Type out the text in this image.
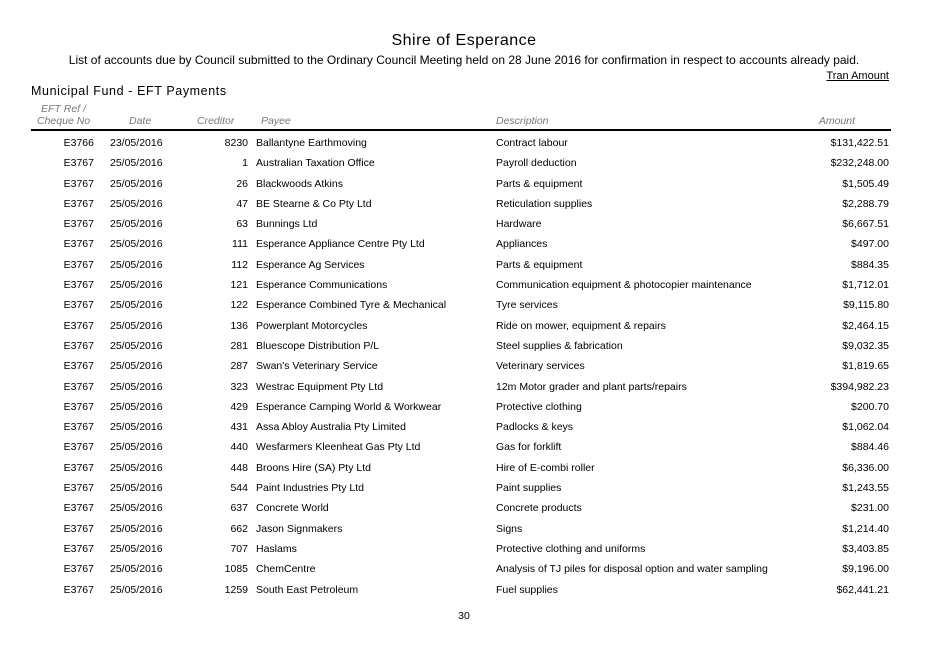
Shire of Esperance
List of accounts due by Council submitted to the Ordinary Council Meeting held on 28 June 2016 for confirmation in respect to accounts already paid.
Tran Amount
Municipal Fund - EFT Payments
EFT Ref /
Cheque No	Date	Creditor	Payee	Description	Amount
E3766 23/05/2016	8230 Ballantyne Earthmoving	Contract labour	$131,422.51
E3767 25/05/2016	1 Australian Taxation Office	Payroll deduction	$232,248.00
E3767 25/05/2016	26 Blackwoods Atkins	Parts & equipment	$1,505.49
E3767 25/05/2016	47 BE Stearne & Co Pty Ltd	Reticulation supplies	$2,288.79
E3767 25/05/2016	63 Bunnings Ltd	Hardware	$6,667.51
E3767 25/05/2016	111 Esperance Appliance Centre Pty Ltd	Appliances	$497.00
E3767 25/05/2016	112 Esperance Ag Services	Parts & equipment	$884.35
E3767 25/05/2016	121 Esperance Communications	Communication equipment & photocopier maintenance	$1,712.01
E3767 25/05/2016	122 Esperance Combined Tyre & Mechanical	Tyre services	$9,115.80
E3767 25/05/2016	136 Powerplant Motorcycles	Ride on mower, equipment & repairs	$2,464.15
E3767 25/05/2016	281 Bluescope Distribution P/L	Steel supplies & fabrication	$9,032.35
E3767 25/05/2016	287 Swan's Veterinary Service	Veterinary services	$1,819.65
E3767 25/05/2016	323 Westrac Equipment Pty Ltd	12m Motor grader and plant parts/repairs	$394,982.23
E3767 25/05/2016	429 Esperance Camping World & Workwear	Protective clothing	$200.70
E3767 25/05/2016	431 Assa Abloy Australia Pty Limited	Padlocks & keys	$1,062.04
E3767 25/05/2016	440 Wesfarmers Kleenheat Gas Pty Ltd	Gas for forklift	$884.46
E3767 25/05/2016	448 Broons Hire (SA) Pty Ltd	Hire of E-combi roller	$6,336.00
E3767 25/05/2016	544 Paint Industries Pty Ltd	Paint supplies	$1,243.55
E3767 25/05/2016	637 Concrete World	Concrete products	$231.00
E3767 25/05/2016	662 Jason Signmakers	Signs	$1,214.40
E3767 25/05/2016	707 Haslams	Protective clothing and uniforms	$3,403.85
E3767 25/05/2016	1085 ChemCentre	Analysis of TJ piles for disposal option and water sampling	$9,196.00
E3767 25/05/2016	1259 South East Petroleum	Fuel supplies	$62,441.21
30
